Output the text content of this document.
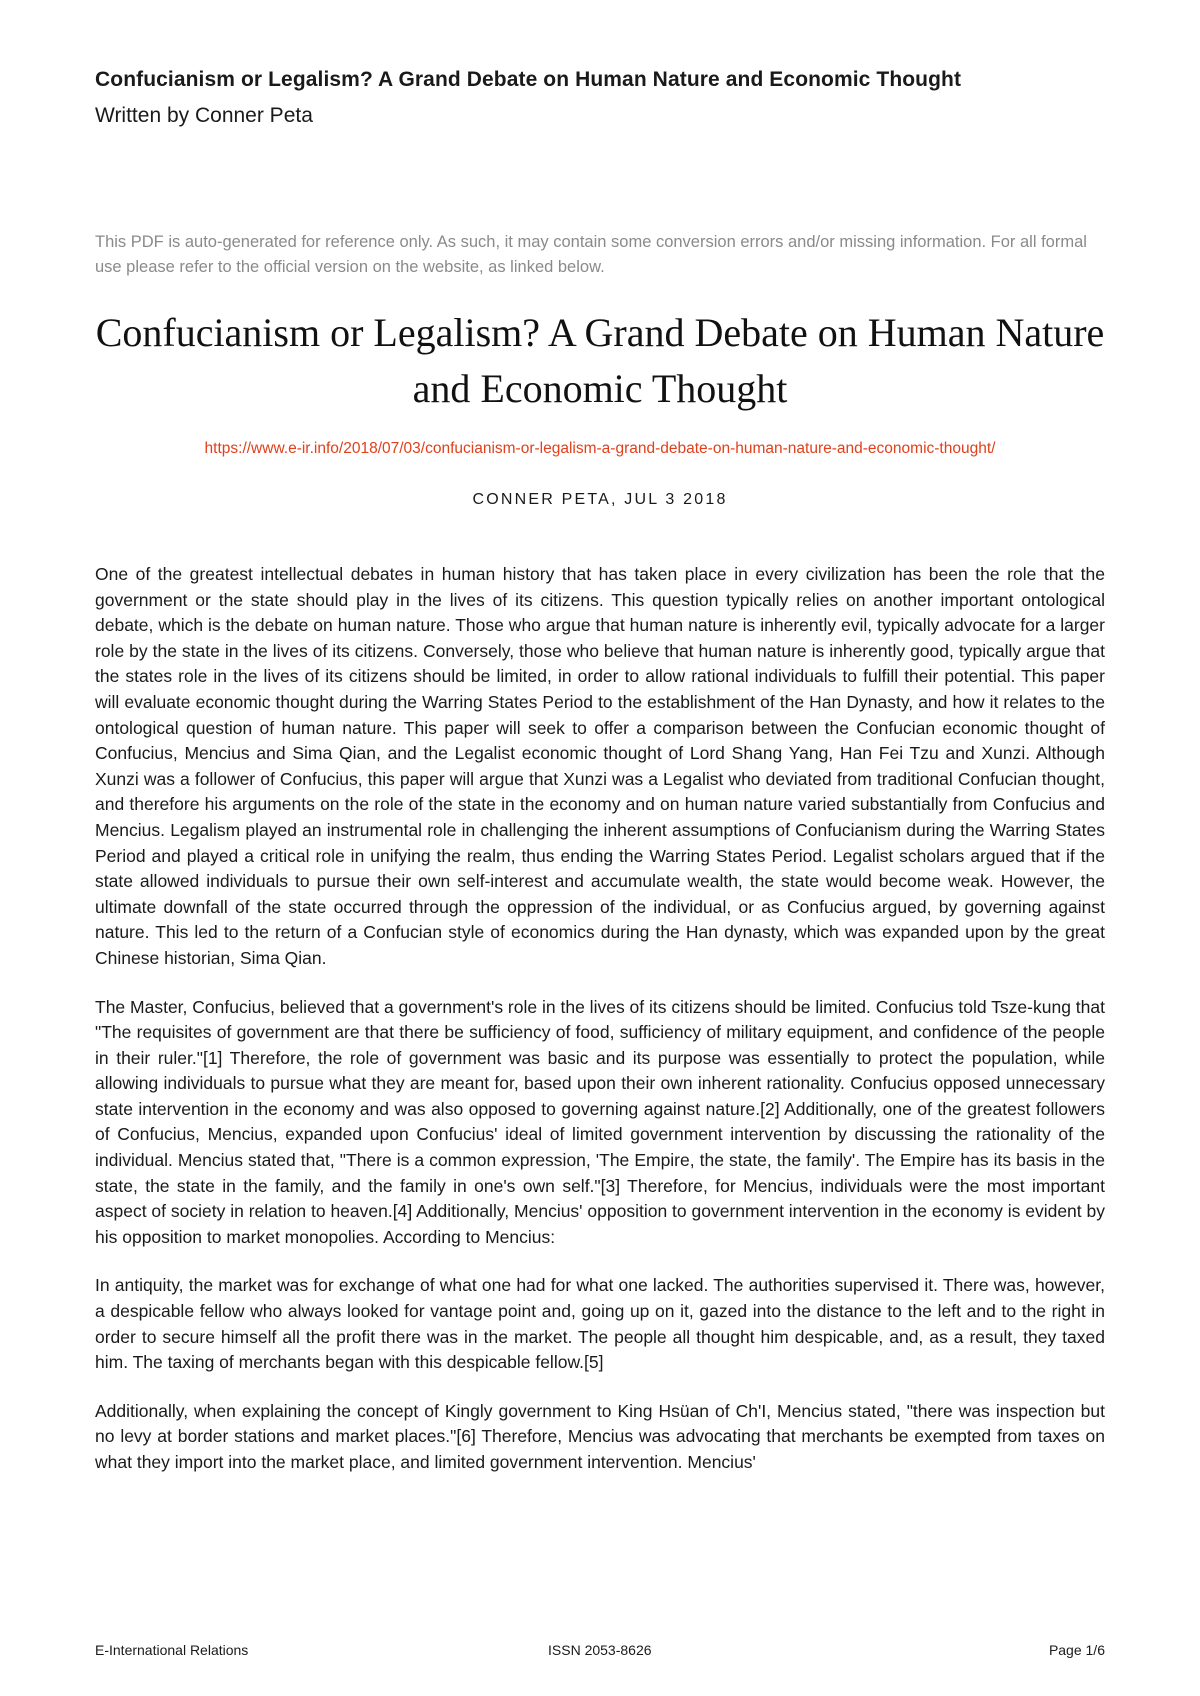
Confucianism or Legalism? A Grand Debate on Human Nature and Economic Thought
Written by Conner Peta
This PDF is auto-generated for reference only. As such, it may contain some conversion errors and/or missing information. For all formal use please refer to the official version on the website, as linked below.
Confucianism or Legalism? A Grand Debate on Human Nature and Economic Thought
https://www.e-ir.info/2018/07/03/confucianism-or-legalism-a-grand-debate-on-human-nature-and-economic-thought/
CONNER PETA, JUL 3 2018

One of the greatest intellectual debates in human history that has taken place in every civilization has been the role that the government or the state should play in the lives of its citizens. This question typically relies on another important ontological debate, which is the debate on human nature. Those who argue that human nature is inherently evil, typically advocate for a larger role by the state in the lives of its citizens. Conversely, those who believe that human nature is inherently good, typically argue that the states role in the lives of its citizens should be limited, in order to allow rational individuals to fulfill their potential. This paper will evaluate economic thought during the Warring States Period to the establishment of the Han Dynasty, and how it relates to the ontological question of human nature. This paper will seek to offer a comparison between the Confucian economic thought of Confucius, Mencius and Sima Qian, and the Legalist economic thought of Lord Shang Yang, Han Fei Tzu and Xunzi. Although Xunzi was a follower of Confucius, this paper will argue that Xunzi was a Legalist who deviated from traditional Confucian thought, and therefore his arguments on the role of the state in the economy and on human nature varied substantially from Confucius and Mencius. Legalism played an instrumental role in challenging the inherent assumptions of Confucianism during the Warring States Period and played a critical role in unifying the realm, thus ending the Warring States Period. Legalist scholars argued that if the state allowed individuals to pursue their own self-interest and accumulate wealth, the state would become weak. However, the ultimate downfall of the state occurred through the oppression of the individual, or as Confucius argued, by governing against nature. This led to the return of a Confucian style of economics during the Han dynasty, which was expanded upon by the great Chinese historian, Sima Qian.

The Master, Confucius, believed that a government's role in the lives of its citizens should be limited. Confucius told Tsze-kung that "The requisites of government are that there be sufficiency of food, sufficiency of military equipment, and confidence of the people in their ruler."[1] Therefore, the role of government was basic and its purpose was essentially to protect the population, while allowing individuals to pursue what they are meant for, based upon their own inherent rationality. Confucius opposed unnecessary state intervention in the economy and was also opposed to governing against nature.[2] Additionally, one of the greatest followers of Confucius, Mencius, expanded upon Confucius' ideal of limited government intervention by discussing the rationality of the individual. Mencius stated that, "There is a common expression, 'The Empire, the state, the family'. The Empire has its basis in the state, the state in the family, and the family in one's own self."[3] Therefore, for Mencius, individuals were the most important aspect of society in relation to heaven.[4] Additionally, Mencius' opposition to government intervention in the economy is evident by his opposition to market monopolies. According to Mencius:

In antiquity, the market was for exchange of what one had for what one lacked. The authorities supervised it. There was, however, a despicable fellow who always looked for vantage point and, going up on it, gazed into the distance to the left and to the right in order to secure himself all the profit there was in the market. The people all thought him despicable, and, as a result, they taxed him. The taxing of merchants began with this despicable fellow.[5]

Additionally, when explaining the concept of Kingly government to King Hsüan of Ch'I, Mencius stated, "there was inspection but no levy at border stations and market places."[6] Therefore, Mencius was advocating that merchants be exempted from taxes on what they import into the market place, and limited government intervention. Mencius'

E-International Relations	ISSN 2053-8626	Page 1/6
